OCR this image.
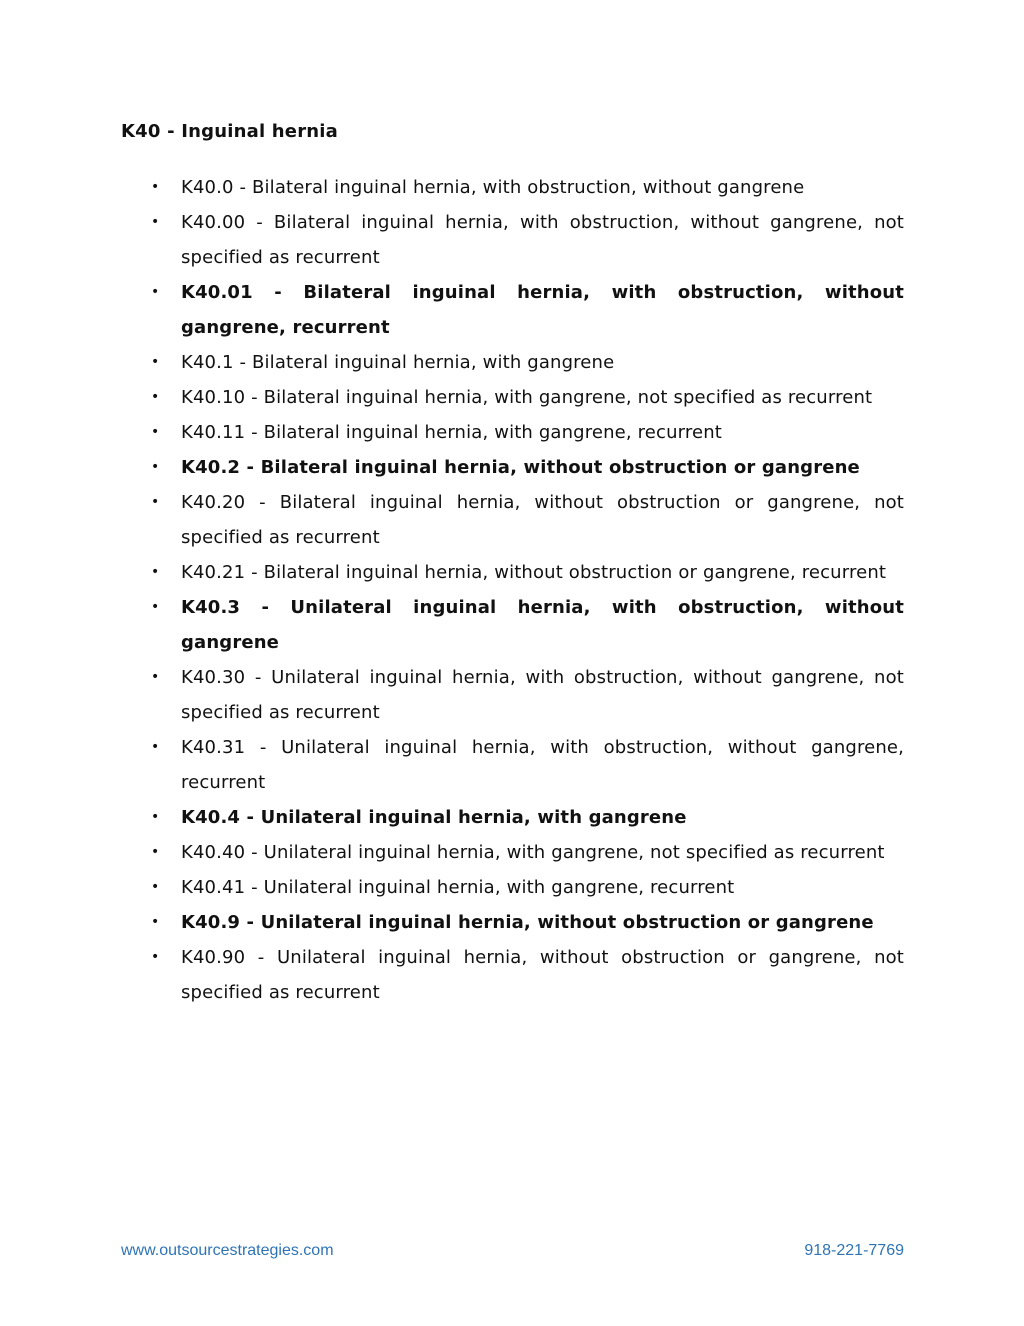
K40 - Inguinal hernia
•	K40.0 - Bilateral inguinal hernia, with obstruction, without gangrene
•	K40.00 - Bilateral inguinal hernia, with obstruction, without gangrene, not specified as recurrent
•	K40.01 - Bilateral inguinal hernia, with obstruction, without gangrene, recurrent
•	K40.1 - Bilateral inguinal hernia, with gangrene
•	K40.10 - Bilateral inguinal hernia, with gangrene, not specified as recurrent
•	K40.11 - Bilateral inguinal hernia, with gangrene, recurrent
•	K40.2 - Bilateral inguinal hernia, without obstruction or gangrene
•	K40.20 - Bilateral inguinal hernia, without obstruction or gangrene, not specified as recurrent
•	K40.21 - Bilateral inguinal hernia, without obstruction or gangrene, recurrent
•	K40.3 - Unilateral inguinal hernia, with obstruction, without gangrene
•	K40.30 - Unilateral inguinal hernia, with obstruction, without gangrene, not specified as recurrent
•	K40.31 - Unilateral inguinal hernia, with obstruction, without gangrene, recurrent
•	K40.4 - Unilateral inguinal hernia, with gangrene
•	K40.40 - Unilateral inguinal hernia, with gangrene, not specified as recurrent
•	K40.41 - Unilateral inguinal hernia, with gangrene, recurrent
•	K40.9 - Unilateral inguinal hernia, without obstruction or gangrene
•	K40.90 - Unilateral inguinal hernia, without obstruction or gangrene, not specified as recurrent
www.outsourcestrategies.com	918-221-7769
